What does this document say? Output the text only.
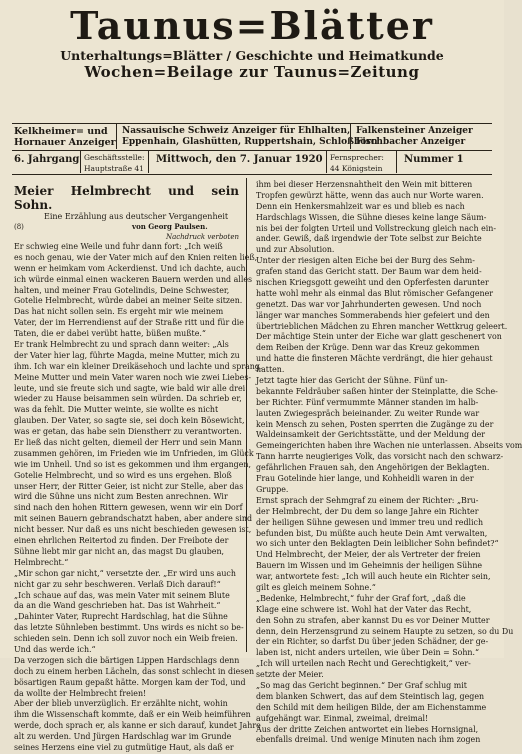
Taunus=Blätter
Unterhaltungs=Blätter / Geschichte und Heimatkunde
Wochen=Beilage zur Taunus=Zeitung
Kelkheimer= und
Hornauer Anzeiger
Nassauische Schweiz
Eppenhain, Glashütten, Ruppertshain, Schloßborn
Anzeiger für Ehlhalten, Falkensteiner Anzeiger
Fischbacher Anzeiger
6. Jahrgang Geschäftsstelle:
Hauptstraße 41
Mittwoch, den 7. Januar 1920 Fernsprecher:
44 Königstein
Nummer 1
Meier Helmbrecht und sein Sohn.
Eine Erzählung aus deutscher Vergangenheit
(8)	von Georg Paulsen.
Nachdruck verboten

Er schwieg eine Weile und fuhr dann fort: „Ich weiß

es noch genau, wie der Vater mich auf den Knien reiten ließ,

wenn er heimkam vom Ackerdienst. Und ich dachte, auch

ich würde einmal einen wackeren Bauern werden und alles

halten, und meiner Frau Gotelindis, Deine Schwester,

Gotelie Helmbrecht, würde dabei an meiner Seite sitzen.

Das hat nicht sollen sein. Es ergeht mir wie meinem

Vater, der im Herrendienst auf der Straße ritt und für die

Taten, die er dabei verübt hatte, büßen mußte.“

Er trank Helmbrecht zu und sprach dann weiter: „Als

der Vater hier lag, führte Magda, meine Mutter, mich zu

ihm. Ich war ein kleiner Dreikäsehoch und lachte und sprang.

Meine Mutter und mein Vater waren noch wie zwei Liebes-

leute, und sie freute sich und sagte, wie bald wir alle drei

wieder zu Hause beisammen sein würden. Da schrieb er,

was da fehlt. Die Mutter weinte, sie wollte es nicht

glauben. Der Vater, so sagte sie, sei doch kein Bösewicht,

was er getan, das habe sein Dienstherr zu verantworten.

Er ließ das nicht gelten, diemeil der Herr und sein Mann

zusammen gehören, im Frieden wie im Unfrieden, im Glück

wie im Unheil. Und so ist es gekommen und ihm ergangen,

Gotelie Helmbrecht, und so wird es uns ergehen. Bloß

unser Herr, der Ritter Geier, ist nicht zur Stelle, aber das

wird die Sühne uns nicht zum Besten anrechnen. Wir

sind nach den hohen Rittern gewesen, wenn wir ein Dorf

mit seinen Bauern gebrandschatzt haben, aber andere sind

nicht besser. Nur daß es uns nicht beschieden gewesen ist,

einen ehrlichen Reitertod zu finden. Der Freibote der

Sühne liebt mir gar nicht an, das magst Du glauben,

Helmbrecht.“

„Mir schon gar nicht,“ versetzte der. „Er wird uns auch

nicht gar zu sehr beschweren. Verlaß Dich darauf!“

„Ich schaue auf das, was mein Vater mit seinem Blute

da an die Wand geschrieben hat. Das ist Wahrheit.“

„Dahinter Vater, Ruprecht Hardschlag, hat die Sühne

das letzte Sühnleben bestimmt. Uns wirds es nicht so be-

schieden sein. Denn ich soll zuvor noch ein Weib freien.

Und das werde ich.“

Da verzogen sich die bärtigen Lippen Hardschlags denn

doch zu einem herben Lächeln, das sonst schlecht in diesen

bösartigen Raum gepaßt hätte. Morgen kam der Tod, und

da wollte der Helmbrecht freien!

Aber der blieb unverzüglich. Er erzählte nicht, wohin

ihm die Wissenschaft kommte, daß er ein Weib heimführen

werde, doch sprach er, als kanne er sich darauf, kundet Jahre

alt zu werden. Und Jürgen Hardschlag war im Grunde

seines Herzens eine viel zu gutmütige Haut, als daß er

ihm bei dieser Herzensnahtheit den Wein mit bitteren

Tropfen gewürzt hätte, wenn das auch nur Worte waren.

Denn ein Henkersmahlzeit war es und blieb es nach

Hardschlags Wissen, die Sühne dieses keine lange Säum-

nis bei der folgten Urteil und Vollstreckung gleich nach ein-

ander. Gewiß, daß irgendwie der Tote selbst zur Beichte

und zur Absolution.

Unter der riesigen alten Eiche bei der Burg des Sehm-

grafen stand das Gericht statt. Der Baum war dem heid-

nischen Kriegsgott geweiht und den Opferfesten darunter

hatte wohl mehr als einmal das Blut römischer Gefangener

genetzt. Das war vor Jahrhunderten gewesen. Und noch

länger war manches Sommerabends hier gefeiert und den

übertrieblichen Mädchen zu Ehren mancher Wettkrug geleert.

Der mächtige Stein unter der Eiche war glatt geschenert von

dem Reiben der Krüge. Denn war das Kreuz gekommen

und hatte die finsteren Mächte verdrängt, die hier gehaust

hatten.

Jetzt tagte hier das Gericht der Sühne. Fünf un-

bekannte Feldräuber saßen hinter der Steinplatte, die Sche-

ber Richter. Fünf vermummte Männer standen im halb-

lauten Zwiegespräch beieinander. Zu weiter Runde war

kein Mensch zu sehen, Posten sperrten die Zugänge zu der

Waldeinsamkeit der Gerichtsstätte, und der Meldung der

Gemeingerichten haben ihre Wachen nie unterlassen. Abseits vom

Tann harrte neugieriges Volk, das vorsicht nach den schwarz-

gefährlichen Frauen sah, den Angehörigen der Beklagten.

Frau Gotelinde hier lange, und Kohheidli waren in der

Gruppe.

Ernst sprach der Sehmgraf zu einem der Richter: „Bru-

der Helmbrecht, der Du dem so lange Jahre ein Richter

der heiligen Sühne gewesen und immer treu und redlich

befunden bist, Du müßte auch heute Dein Amt verwalten,

wo sich unter den Beklagten Dein leiblicher Sohn befindet?“

Und Helmbrecht, der Meier, der als Vertreter der freien

Bauern im Wissen und im Geheimnis der heiligen Sühne

war, antwortete fest: „Ich will auch heute ein Richter sein,

gilt es gleich meinem Sohne.“

„Bedenke, Helmbrecht,“ fuhr der Graf fort, „daß die

Klage eine schwere ist. Wohl hat der Vater das Recht,

den Sohn zu strafen, aber kannst Du es vor Deiner Mutter

denn, dein Herzensgrund zu seinem Haupte zu setzen, so du Du

der ein Richter, so darfst Du über jeden Schädner, der ge-

laben ist, nicht anders urteilen, wie über Dein = Sohn.“

„Ich will urteilen nach Recht und Gerechtigkeit,“ ver-

setzte der Meier.

„So mag das Gericht beginnen.“ Der Graf schlug mit

dem blanken Schwert, das auf dem Steintisch lag, gegen

den Schild mit dem heiligen Bilde, der am Eichenstamme

aufgehängt war. Einmal, zweimal, dreimal!

Aus der dritte Zeichen antwortet ein liebes Hornsignal,

ebenfalls dreimal. Und wenige Minuten nach ihm zogen
